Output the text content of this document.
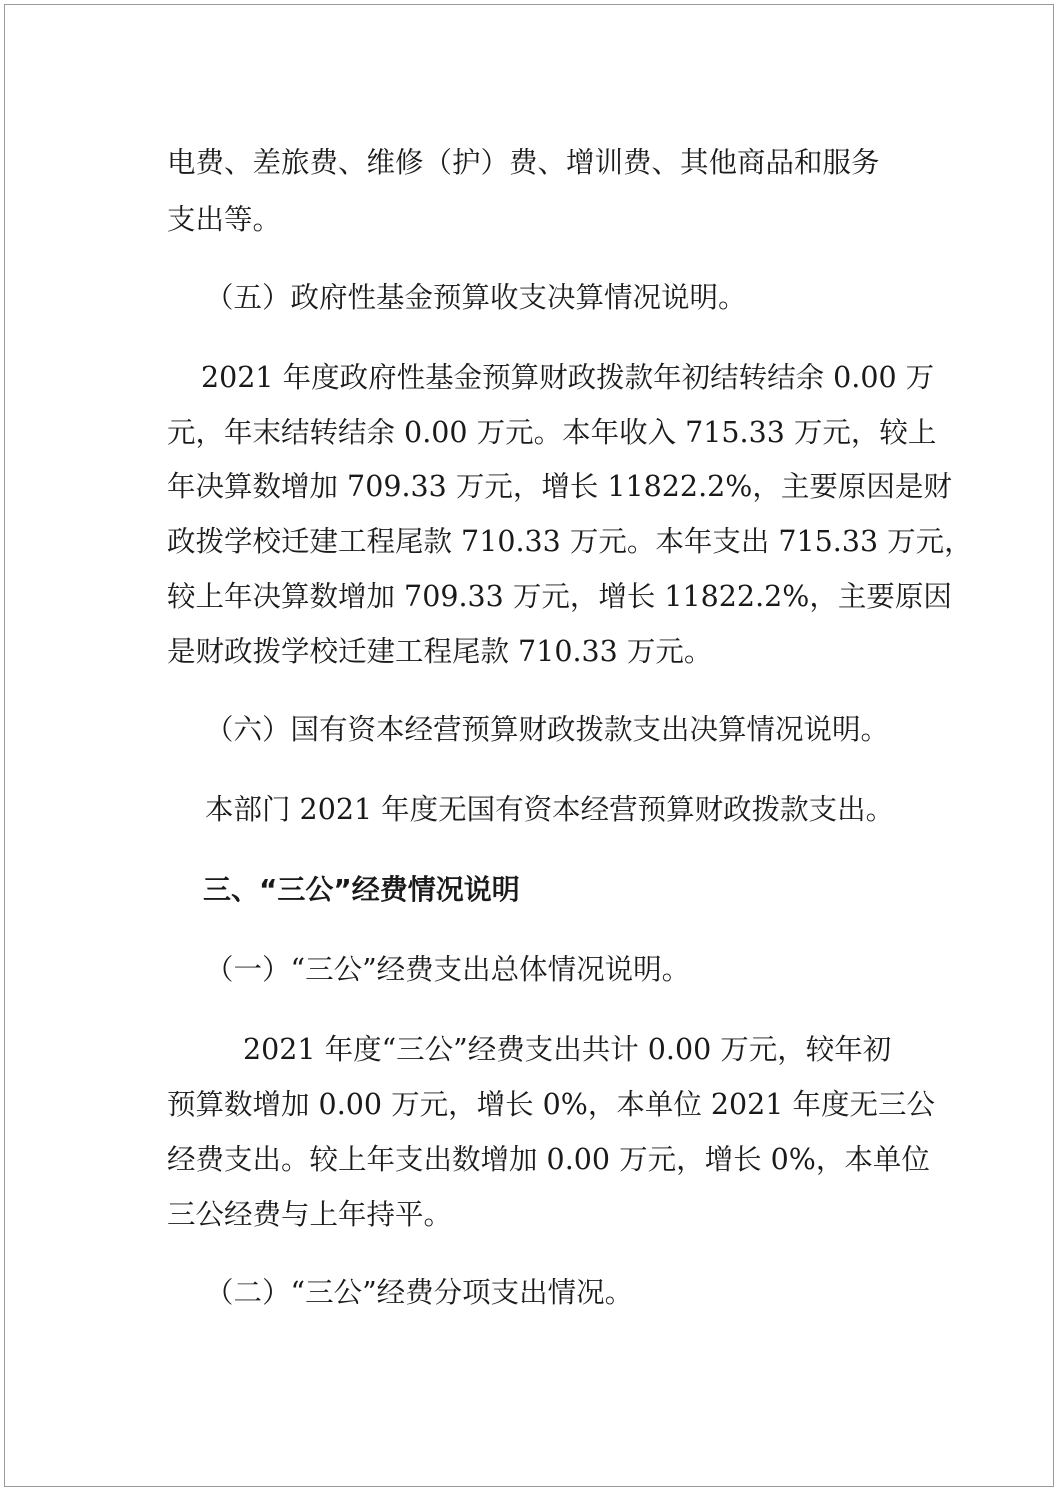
电费、差旅费、维修（护）费、增训费、其他商品和服务
支出等。
（五）政府性基金预算收支决算情况说明。
2021 年度政府性基金预算财政拨款年初结转结余 0.00 万
元，年末结转结余 0.00 万元。本年收入 715.33 万元，较上
年决算数增加 709.33 万元，增长 11822.2%，主要原因是财
政拨学校迁建工程尾款 710.33 万元。本年支出 715.33 万元，
较上年决算数增加 709.33 万元，增长 11822.2%，主要原因
是财政拨学校迁建工程尾款 710.33 万元。
（六）国有资本经营预算财政拨款支出决算情况说明。
本部门 2021 年度无国有资本经营预算财政拨款支出。
三、“三公”经费情况说明
（一）“三公”经费支出总体情况说明。
2021 年度“三公”经费支出共计 0.00 万元，较年初
预算数增加 0.00 万元，增长 0%，本单位 2021 年度无三公
经费支出。较上年支出数增加 0.00 万元，增长 0%，本单位
三公经费与上年持平。
（二）“三公”经费分项支出情况。
